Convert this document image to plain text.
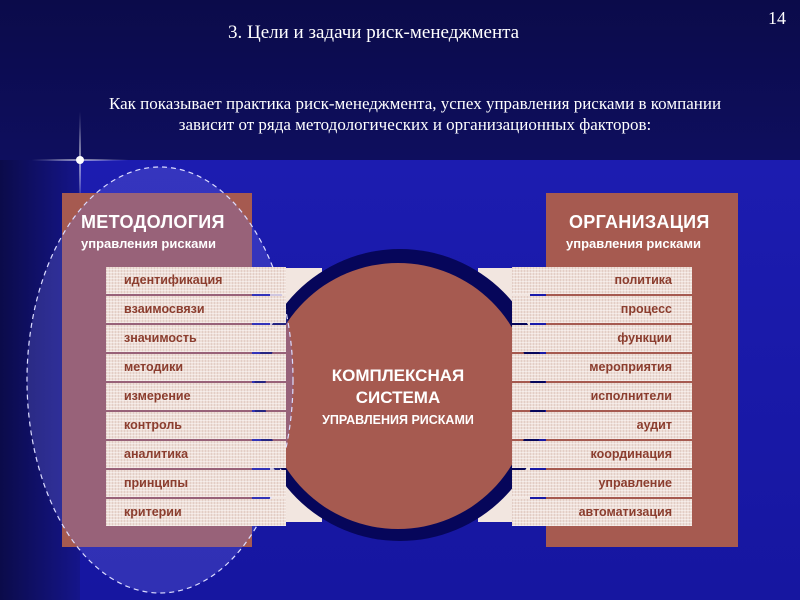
14
3. Цели и задачи риск-менеджмента
Как показывает практика риск-менеджмента, успех управления рисками в компании
зависит от ряда методологических и организационных факторов:
МЕТОДОЛОГИЯ
управления рисками
ОРГАНИЗАЦИЯ
управления рисками
идентификация
взаимосвязи
значимость
методики
измерение
контроль
аналитика
принципы
критерии
политика
процесс
функции
мероприятия
исполнители
аудит
координация
управление
автоматизация
КОМПЛЕКСНАЯ
СИСТЕМА
УПРАВЛЕНИЯ РИСКАМИ
